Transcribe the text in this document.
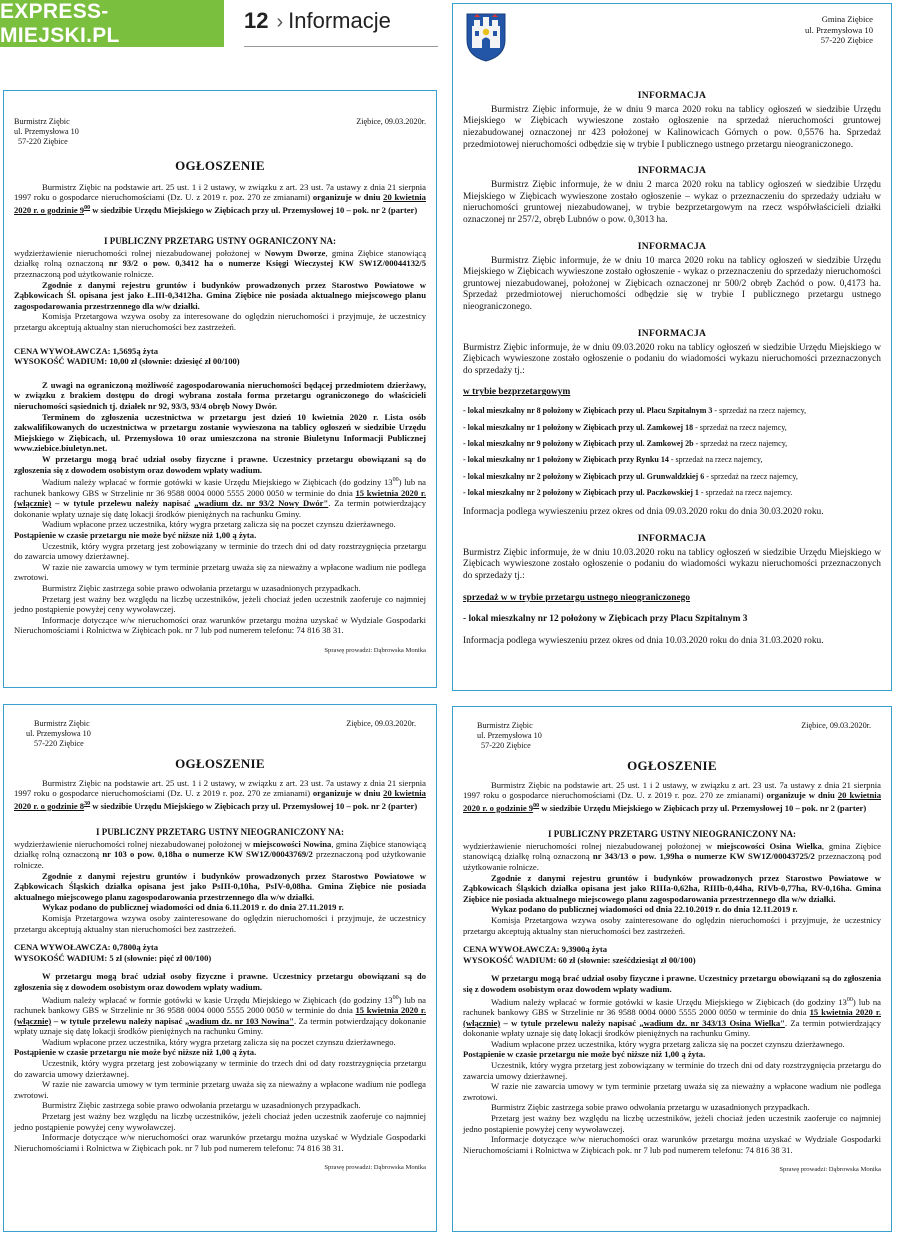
EXPRESS-MIEJSKI.PL
12 › Informacje
Burmistrz Ziębic
ul. Przemysłowa 10
57-220 Ziębice
Ziębice, 09.03.2020r.
OGŁOSZENIE

Burmistrz Ziębic na podstawie art. 25 ust. 1 i 2 ustawy, w związku z art. 23 ust. 7a ustawy z dnia 21 sierpnia 1997 roku o gospodarce nieruchomościami (Dz. U. z 2019 r. poz. 270 ze zmianami) organizuje w dniu 20 kwietnia 2020 r. o godzinie $9^{00}$ w siedzibie Urzędu Miejskiego w Ziębicach przy ul. Przemysłowej 10 – pok. nr 2 (parter)

I PUBLICZNY PRZETARG USTNY OGRANICZONY NA:

wydzierżawienie nieruchomości rolnej niezabudowanej położonej w Nowym Dworze, gmina Ziębice stanowiącą działkę rolną oznaczoną nr 93/2 o pow. 0,3412 ha o numerze Księgi Wieczystej KW SW1Z/00044132/5 przeznaczoną pod użytkowanie rolnicze.

Zgodnie z danymi rejestru gruntów i budynków prowadzonych przez Starostwo Powiatowe w Ząbkowicach Śl. opisana jest jako Ł.III-0,3412ha. Gmina Ziębice nie posiada aktualnego miejscowego planu zagospodarowania przestrzennego dla w/w działki.

Komisja Przetargowa wzywa osoby za interesowane do oględzin nieruchomości i przyjmuje, że uczestnicy przetargu akceptują aktualny stan nieruchomości bez zastrzeżeń.

CENA WYWOŁAWCZA: 1,5695ą żyta

WYSOKOŚĆ WADIUM: 10,00 zł (słownie: dziesięć zł 00/100)

Z uwagi na ograniczoną możliwość zagospodarowania nieruchomości będącej przedmiotem dzierżawy, w związku z brakiem dostępu do drogi wybrana została forma przetargu ograniczonego do właścicieli nieruchomości sąsiednich tj. działek nr 92, 93/3, 93/4 obręb Nowy Dwór.

Terminem do zgłoszenia uczestnictwa w przetargu jest dzień 10 kwietnia 2020 r. Lista osób zakwalifikowanych do uczestnictwa w przetargu zostanie wywieszona na tablicy ogłoszeń w siedzibie Urzędu Miejskiego w Ziębicach, ul. Przemysłowa 10 oraz umieszczona na stronie Biuletynu Informacji Publicznej www.ziebice.biuletyn.net.

W przetargu mogą brać udział osoby fizyczne i prawne. Uczestnicy przetargu obowiązani są do zgłoszenia się z dowodem osobistym oraz dowodem wpłaty wadium.

Wadium należy wpłacać w formie gotówki w kasie Urzędu Miejskiego w Ziębicach (do godziny $13^{00}$) lub na rachunek bankowy GBS w Strzelinie nr 36 9588 0004 0000 5555 2000 0050 w terminie do dnia 15 kwietnia 2020 r. (włącznie) – w tytule przelewu należy napisać „wadium dz. nr 93/2 Nowy Dwór". Za termin potwierdzający dokonanie wpłaty uznaje się datę lokacji środków pieniężnych na rachunku Gminy.

Wadium wpłacone przez uczestnika, który wygra przetarg zalicza się na poczet czynszu dzierżawnego.

Postąpienie w czasie przetargu nie może być niższe niż 1,00 ą żyta.

Uczestnik, który wygra przetarg jest zobowiązany w terminie do trzech dni od daty rozstrzygnięcia przetargu do zawarcia umowy dzierżawnej.

W razie nie zawarcia umowy w tym terminie przetarg uważa się za nieważny a wpłacone wadium nie podlega zwrotowi.

Burmistrz Ziębic zastrzega sobie prawo odwołania przetargu w uzasadnionych przypadkach.

Przetarg jest ważny bez względu na liczbę uczestników, jeżeli chociaż jeden uczestnik zaoferuje co najmniej jedno postąpienie powyżej ceny wywoławczej.

Informacje dotyczące w/w nieruchomości oraz warunków przetargu można uzyskać w Wydziale Gospodarki Nieruchomościami i Rolnictwa w Ziębicach pok. nr 7 lub pod numerem telefonu: 74 816 38 31.

Sprawę prowadzi: Dąbrowska Monika
Gmina Ziębice
ul. Przemysłowa 10
57-220 Ziębice
INFORMACJA

Burmistrz Ziębic informuje, że w dniu 9 marca 2020 roku na tablicy ogłoszeń w siedzibie Urzędu Miejskiego w Ziębicach wywieszone zostało ogłoszenie na sprzedaż nieruchomości gruntowej niezabudowanej oznaczonej nr 423 położonej w Kalinowicach Górnych o pow. 0,5576 ha. Sprzedaż przedmiotowej nieruchomości odbędzie się w trybie I publicznego ustnego przetargu nieograniczonego.

INFORMACJA

Burmistrz Ziębic informuje, że w dniu 2 marca 2020 roku na tablicy ogłoszeń w siedzibie Urzędu Miejskiego w Ziębicach wywieszone zostało ogłoszenie – wykaz o przeznaczeniu do sprzedaży udziału w nieruchomości gruntowej niezabudowanej, w trybie bezprzetargowym na rzecz współwłaścicieli działki oznaczonej nr 257/2, obręb Lubnów o pow. 0,3013 ha.

INFORMACJA

Burmistrz Ziębic informuje, że w dniu 10 marca 2020 roku na tablicy ogłoszeń w siedzibie Urzędu Miejskiego w Ziębicach wywieszone zostało ogłoszenie - wykaz o przeznaczeniu do sprzedaży nieruchomości gruntowej niezabudowanej, położonej w Ziębicach oznaczonej nr 500/2 obręb Zachód o pow. 0,4173 ha. Sprzedaż przedmiotowej nieruchomości odbędzie się w trybie I publicznego przetargu ustnego nieograniczonego.

INFORMACJA

Burmistrz Ziębic informuje, że w dniu 09.03.2020 roku na tablicy ogłoszeń w siedzibie Urzędu Miejskiego w Ziębicach wywieszone zostało ogłoszenie o podaniu do wiadomości wykazu nieruchomości przeznaczonych do sprzedaży tj.:

w trybie bezprzetargowym

- lokal mieszkalny nr 8 położony w Ziębicach przy ul. Placu Szpitalnym 3 - sprzedaż na rzecz najemcy,
- lokal mieszkalny nr 1 położony w Ziębicach przy ul. Zamkowej 18 - sprzedaż na rzecz najemcy,
- lokal mieszkalny nr 9 położony w Ziębicach przy ul. Zamkowej 2b - sprzedaż na rzecz najemcy,
- lokal mieszkalny nr 1 położony w Ziębicach przy Rynku 14 - sprzedaż na rzecz najemcy,
- lokal mieszkalny nr 2 położony w Ziębicach przy ul. Grunwaldzkiej 6 - sprzedaż na rzecz najemcy,
- lokal mieszkalny nr 2 położony w Ziębicach przy ul. Paczkowskiej 1 - sprzedaż na rzecz najemcy.

Informacja podlega wywieszeniu przez okres od dnia 09.03.2020 roku do dnia 30.03.2020 roku.

INFORMACJA

Burmistrz Ziębic informuje, że w dniu 10.03.2020 roku na tablicy ogłoszeń w siedzibie Urzędu Miejskiego w Ziębicach wywieszone zostało ogłoszenie o podaniu do wiadomości wykazu nieruchomości przeznaczonych do sprzedaży tj.:

sprzedaż w w trybie przetargu ustnego nieograniczonego

- lokal mieszkalny nr 12 położony w Ziębicach przy Placu Szpitalnym 3

Informacja podlega wywieszeniu przez okres od dnia 10.03.2020 roku do dnia 31.03.2020 roku.

Burmistrz Ziębic
ul. Przemysłowa 10
57-220 Ziębice
Ziębice, 09.03.2020r.
OGŁOSZENIE

Burmistrz Ziębic na podstawie art. 25 ust. 1 i 2 ustawy, w związku z art. 23 ust. 7a ustawy z dnia 21 sierpnia 1997 roku o gospodarce nieruchomościami (Dz. U. z 2019 r. poz. 270 ze zmianami) organizuje w dniu 20 kwietnia 2020 r. o godzinie $8^{30}$ w siedzibie Urzędu Miejskiego w Ziębicach przy ul. Przemysłowej 10 – pok. nr 2 (parter)

I PUBLICZNY PRZETARG USTNY NIEOGRANICZONY NA:

wydzierżawienie nieruchomości rolnej niezabudowanej położonej w miejscowości Nowina, gmina Ziębice stanowiącą działkę rolną oznaczoną nr 103 o pow. 0,18ha o numerze KW SW1Z/00043769/2 przeznaczoną pod użytkowanie rolnicze.

Zgodnie z danymi rejestru gruntów i budynków prowadzonych przez Starostwo Powiatowe w Ząbkowicach Śląskich działka opisana jest jako PsIII-0,10ha, PsIV-0,08ha. Gmina Ziębice nie posiada aktualnego miejscowego planu zagospodarowania przestrzennego dla w/w działki.

Wykaz podano do publicznej wiadomości od dnia 6.11.2019 r. do dnia 27.11.2019 r.

Komisja Przetargowa wzywa osoby zainteresowane do oględzin nieruchomości i przyjmuje, że uczestnicy przetargu akceptują aktualny stan nieruchomości bez zastrzeżeń.

CENA WYWOŁAWCZA: 0,7800ą żyta

WYSOKOŚĆ WADIUM: 5 zł (słownie: pięć zł 00/100)

W przetargu mogą brać udział osoby fizyczne i prawne. Uczestnicy przetargu obowiązani są do zgłoszenia się z dowodem osobistym oraz dowodem wpłaty wadium.

Wadium należy wpłacać w formie gotówki w kasie Urzędu Miejskiego w Ziębicach (do godziny $13^{00}$) lub na rachunek bankowy GBS w Strzelinie nr 36 9588 0004 0000 5555 2000 0050 w terminie do dnia 15 kwietnia 2020 r. (włącznie) – w tytule przelewu należy napisać „wadium dz. nr 103 Nowina". Za termin potwierdzający dokonanie wpłaty uznaje się datę lokacji środków pieniężnych na rachunku Gminy.

Wadium wpłacone przez uczestnika, który wygra przetarg zalicza się na poczet czynszu dzierżawnego.

Postąpienie w czasie przetargu nie może być niższe niż 1,00 ą żyta.

Uczestnik, który wygra przetarg jest zobowiązany w terminie do trzech dni od daty rozstrzygnięcia przetargu do zawarcia umowy dzierżawnej.

W razie nie zawarcia umowy w tym terminie przetarg uważa się za nieważny a wpłacone wadium nie podlega zwrotowi.

Burmistrz Ziębic zastrzega sobie prawo odwołania przetargu w uzasadnionych przypadkach.

Przetarg jest ważny bez względu na liczbę uczestników, jeżeli chociaż jeden uczestnik zaoferuje co najmniej jedno postąpienie powyżej ceny wywoławczej.

Informacje dotyczące w/w nieruchomości oraz warunków przetargu można uzyskać w Wydziale Gospodarki Nieruchomościami i Rolnictwa w Ziębicach pok. nr 7 lub pod numerem telefonu: 74 816 38 31.

Sprawę prowadzi: Dąbrowska Monika
Burmistrz Ziębic
ul. Przemysłowa 10
57-220 Ziębice
Ziębice, 09.03.2020r.
OGŁOSZENIE

Burmistrz Ziębic na podstawie art. 25 ust. 1 i 2 ustawy, w związku z art. 23 ust. 7a ustawy z dnia 21 sierpnia 1997 roku o gospodarce nieruchomościami (Dz. U. z 2019 r. poz. 270 ze zmianami) organizuje w dniu 20 kwietnia 2020 r. o godzinie $9^{00}$ w siedzibie Urzędu Miejskiego w Ziębicach przy ul. Przemysłowej 10 – pok. nr 2 (parter)

I PUBLICZNY PRZETARG USTNY NIEOGRANICZONY NA:

wydzierżawienie nieruchomości rolnej niezabudowanej położonej w miejscowości Osina Wielka, gmina Ziębice stanowiącą działkę rolną oznaczoną nr 343/13 o pow. 1,99ha o numerze KW SW1Z/00043725/2 przeznaczoną pod użytkowanie rolnicze.

Zgodnie z danymi rejestru gruntów i budynków prowadzonych przez Starostwo Powiatowe w Ząbkowicach Śląskich działka opisana jest jako RIIIa-0,62ha, RIIIb-0,44ha, RIVb-0,77ha, RV-0,16ha. Gmina Ziębice nie posiada aktualnego miejscowego planu zagospodarowania przestrzennego dla w/w działki.

Wykaz podano do publicznej wiadomości od dnia 22.10.2019 r. do dnia 12.11.2019 r.

Komisja Przetargowa wzywa osoby zainteresowane do oględzin nieruchomości i przyjmuje, że uczestnicy przetargu akceptują aktualny stan nieruchomości bez zastrzeżeń.

CENA WYWOŁAWCZA: 9,3900ą żyta

WYSOKOŚĆ WADIUM: 60 zł (słownie: sześćdziesiąt zł 00/100)

W przetargu mogą brać udział osoby fizyczne i prawne. Uczestnicy przetargu obowiązani są do zgłoszenia się z dowodem osobistym oraz dowodem wpłaty wadium.

Wadium należy wpłacać w formie gotówki w kasie Urzędu Miejskiego w Ziębicach (do godziny $13^{00}$) lub na rachunek bankowy GBS w Strzelinie nr 36 9588 0004 0000 5555 2000 0050 w terminie do dnia 15 kwietnia 2020 r. (włącznie) – w tytule przelewu należy napisać „wadium dz. nr 343/13 Osina Wielka". Za termin potwierdzający dokonanie wpłaty uznaje się datę lokacji środków pieniężnych na rachunku Gminy.

Wadium wpłacone przez uczestnika, który wygra przetarg zalicza się na poczet czynszu dzierżawnego.

Postąpienie w czasie przetargu nie może być niższe niż 1,00 ą żyta.

Uczestnik, który wygra przetarg jest zobowiązany w terminie do trzech dni od daty rozstrzygnięcia przetargu do zawarcia umowy dzierżawnej.

W razie nie zawarcia umowy w tym terminie przetarg uważa się za nieważny a wpłacone wadium nie podlega zwrotowi.

Burmistrz Ziębic zastrzega sobie prawo odwołania przetargu w uzasadnionych przypadkach.

Przetarg jest ważny bez względu na liczbę uczestników, jeżeli chociaż jeden uczestnik zaoferuje co najmniej jedno postąpienie powyżej ceny wywoławczej.

Informacje dotyczące w/w nieruchomości oraz warunków przetargu można uzyskać w Wydziale Gospodarki Nieruchomościami i Rolnictwa w Ziębicach pok. nr 7 lub pod numerem telefonu: 74 816 38 31.

Sprawę prowadzi: Dąbrowska Monika
